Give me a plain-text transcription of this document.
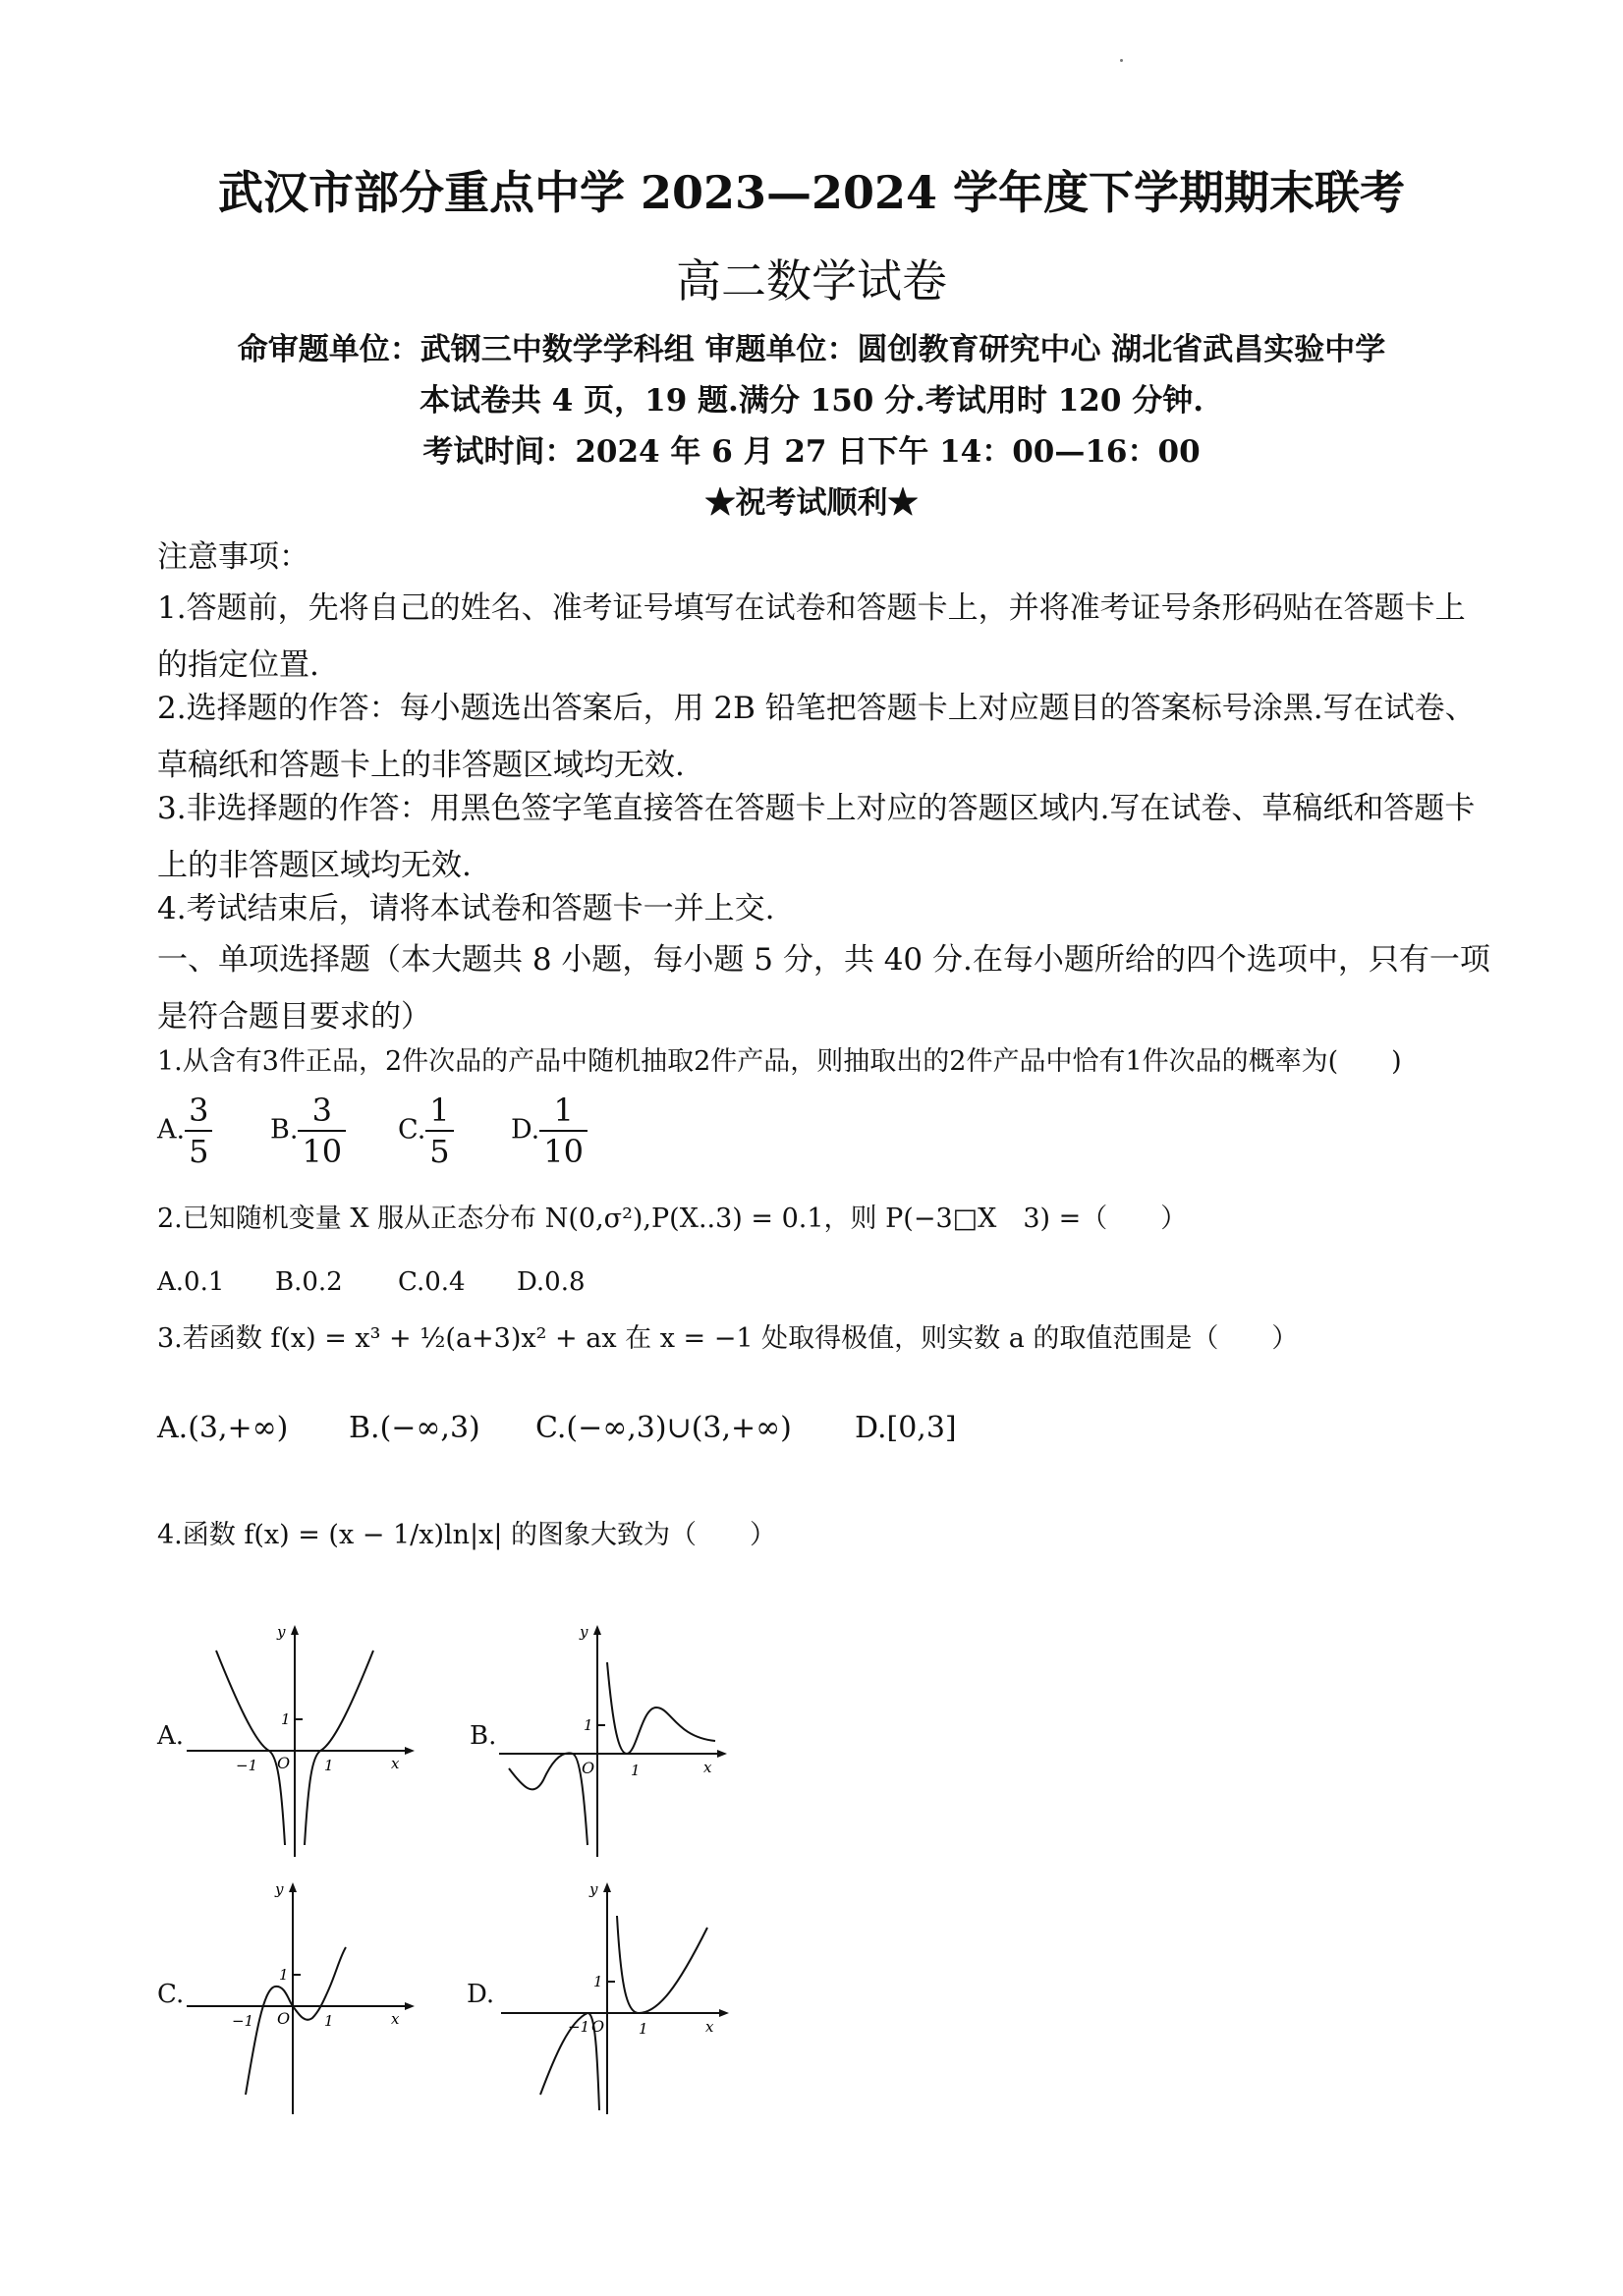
武汉市部分重点中学 2023—2024 学年度下学期期末联考
高二数学试卷
命审题单位：武钢三中数学学科组 审题单位：圆创教育研究中心 湖北省武昌实验中学
本试卷共 4 页，19 题.满分 150 分.考试用时 120 分钟.
考试时间：2024 年 6 月 27 日下午 14：00—16：00
★祝考试顺利★
注意事项：
1.答题前，先将自己的姓名、准考证号填写在试卷和答题卡上，并将准考证号条形码贴在答题卡上的指定位置.
2.选择题的作答：每小题选出答案后，用 2B 铅笔把答题卡上对应题目的答案标号涂黑.写在试卷、草稿纸和答题卡上的非答题区域均无效.
3.非选择题的作答：用黑色签字笔直接答在答题卡上对应的答题区域内.写在试卷、草稿纸和答题卡上的非答题区域均无效.
4.考试结束后，请将本试卷和答题卡一并上交.
一、单项选择题（本大题共 8 小题，每小题 5 分，共 40 分.在每小题所给的四个选项中，只有一项是符合题目要求的）
1.从含有3件正品，2件次品的产品中随机抽取2件产品，则抽取出的2件产品中恰有1件次品的概率为(　　)
A. $\frac{3}{5} B$. $\frac{3}{10} C$. $\frac{1}{5} D$. $\frac{1}{10}$
2.已知随机变量 X 服从正态分布 N(0,σ²),P(X..3) = 0.1，则 P(−3□X　3) =（　　）
A.0.1 B.0.2 C.0.4 D.0.8
3.若函数 f(x) = x³ + ½(a+3)x² + ax 在 x = −1 处取得极值，则实数 a 的取值范围是（　　）
A.(3,+∞) B.(−∞,3) C.(−∞,3)∪(3,+∞) D.[0,3]
4.函数 f(x) = (x − 1/x)ln|x| 的图象大致为（　　）
A.
y
x
O
1
−1	1
B.
y
x
O
1
1
C.
y
x
O
1
−1	1
D.
y
x
O
1
−1	1
